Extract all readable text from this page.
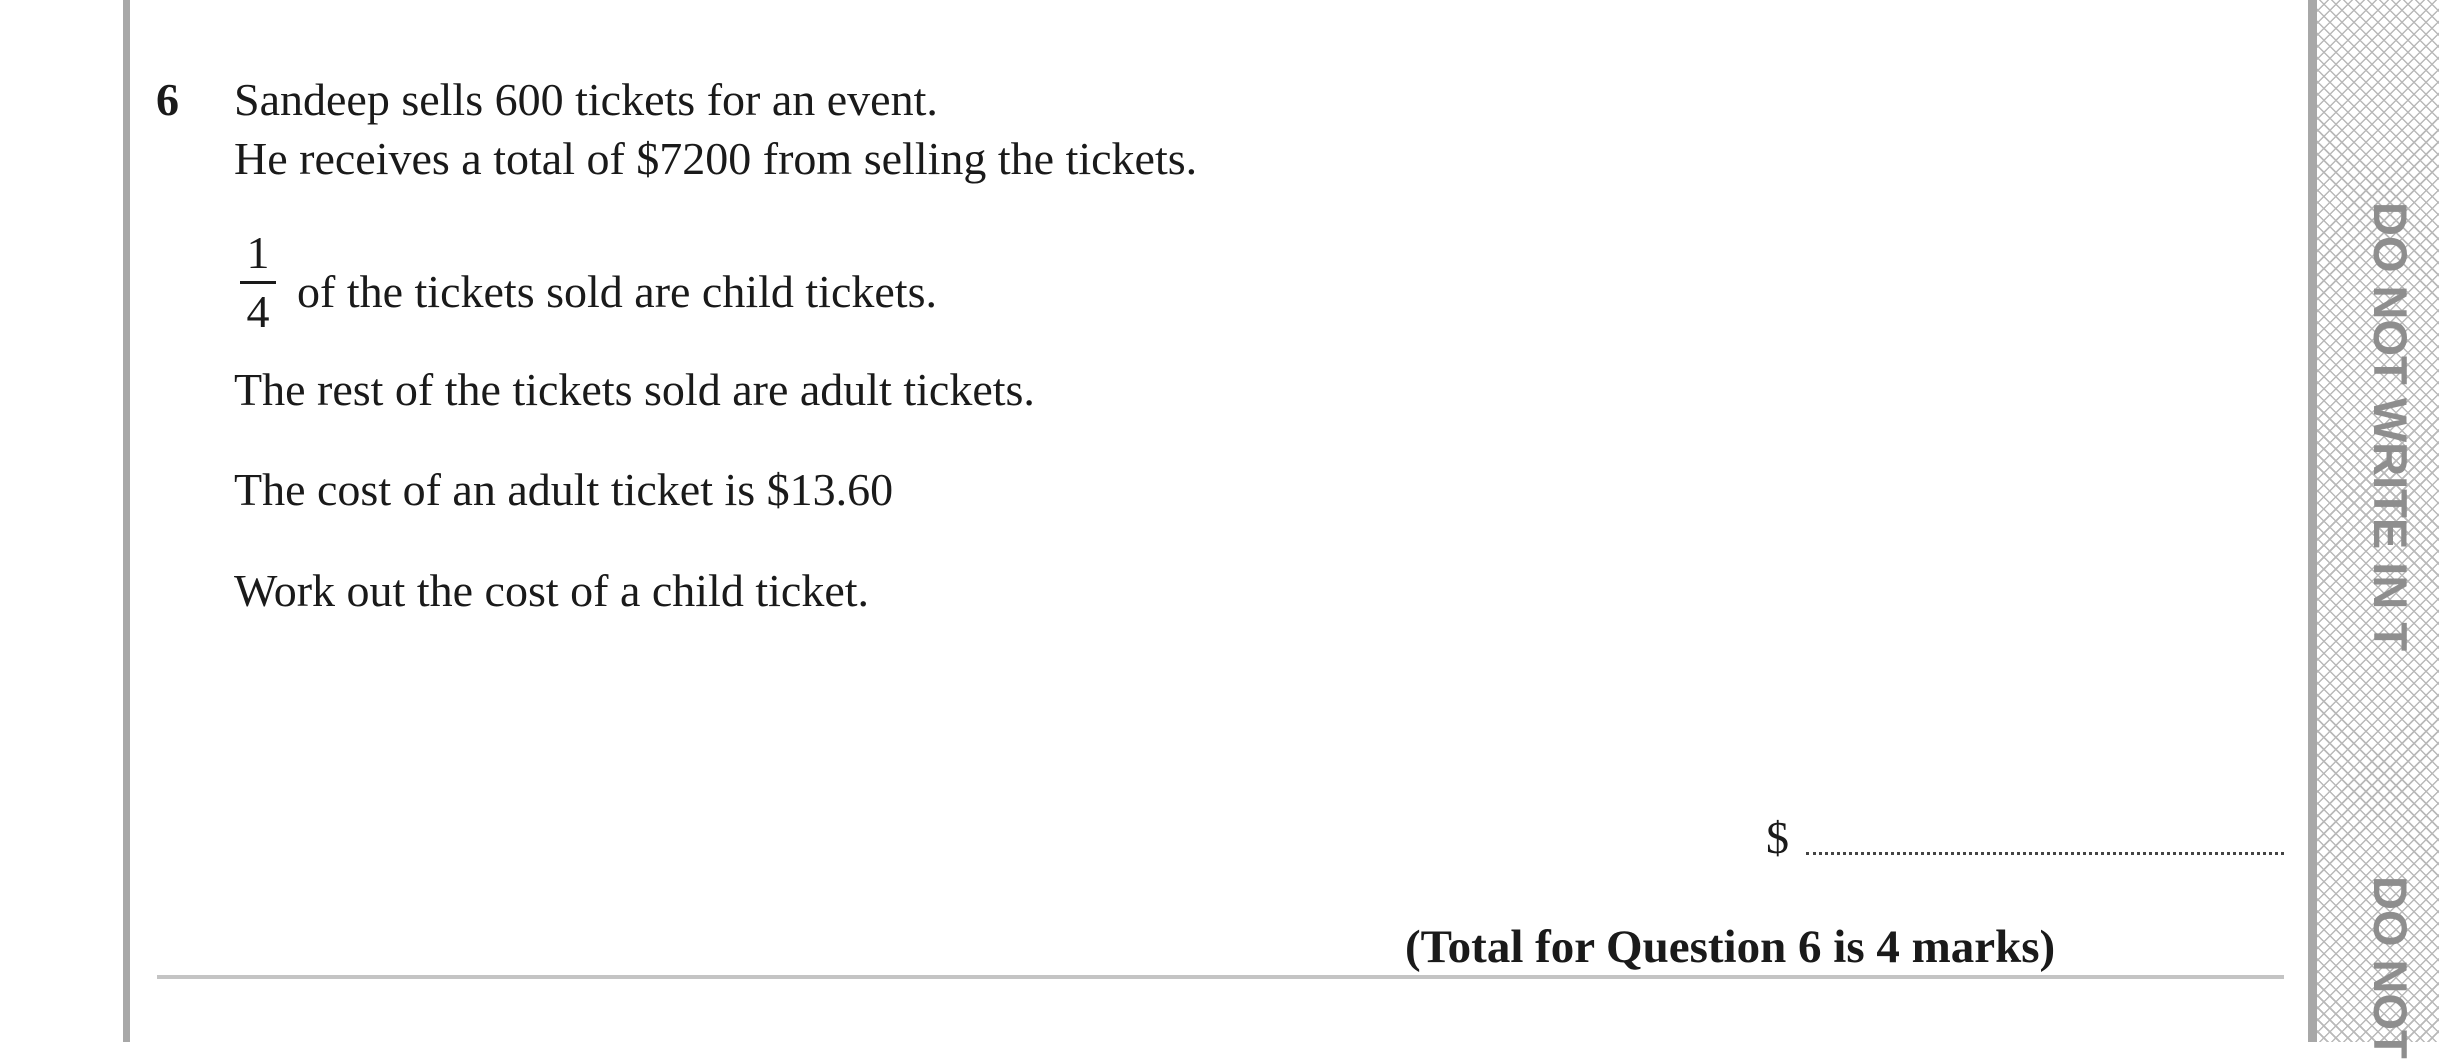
6 Sandeep sells 600 tickets for an event.
He receives a total of $7200 from selling the tickets.
1
4 of the tickets sold are child tickets.
The rest of the tickets sold are adult tickets.
The cost of an adult ticket is $13.60
Work out the cost of a child ticket.
$
(Total for Question 6 is 4 marks)
DO NOT WRITE IN T
DO NOT
